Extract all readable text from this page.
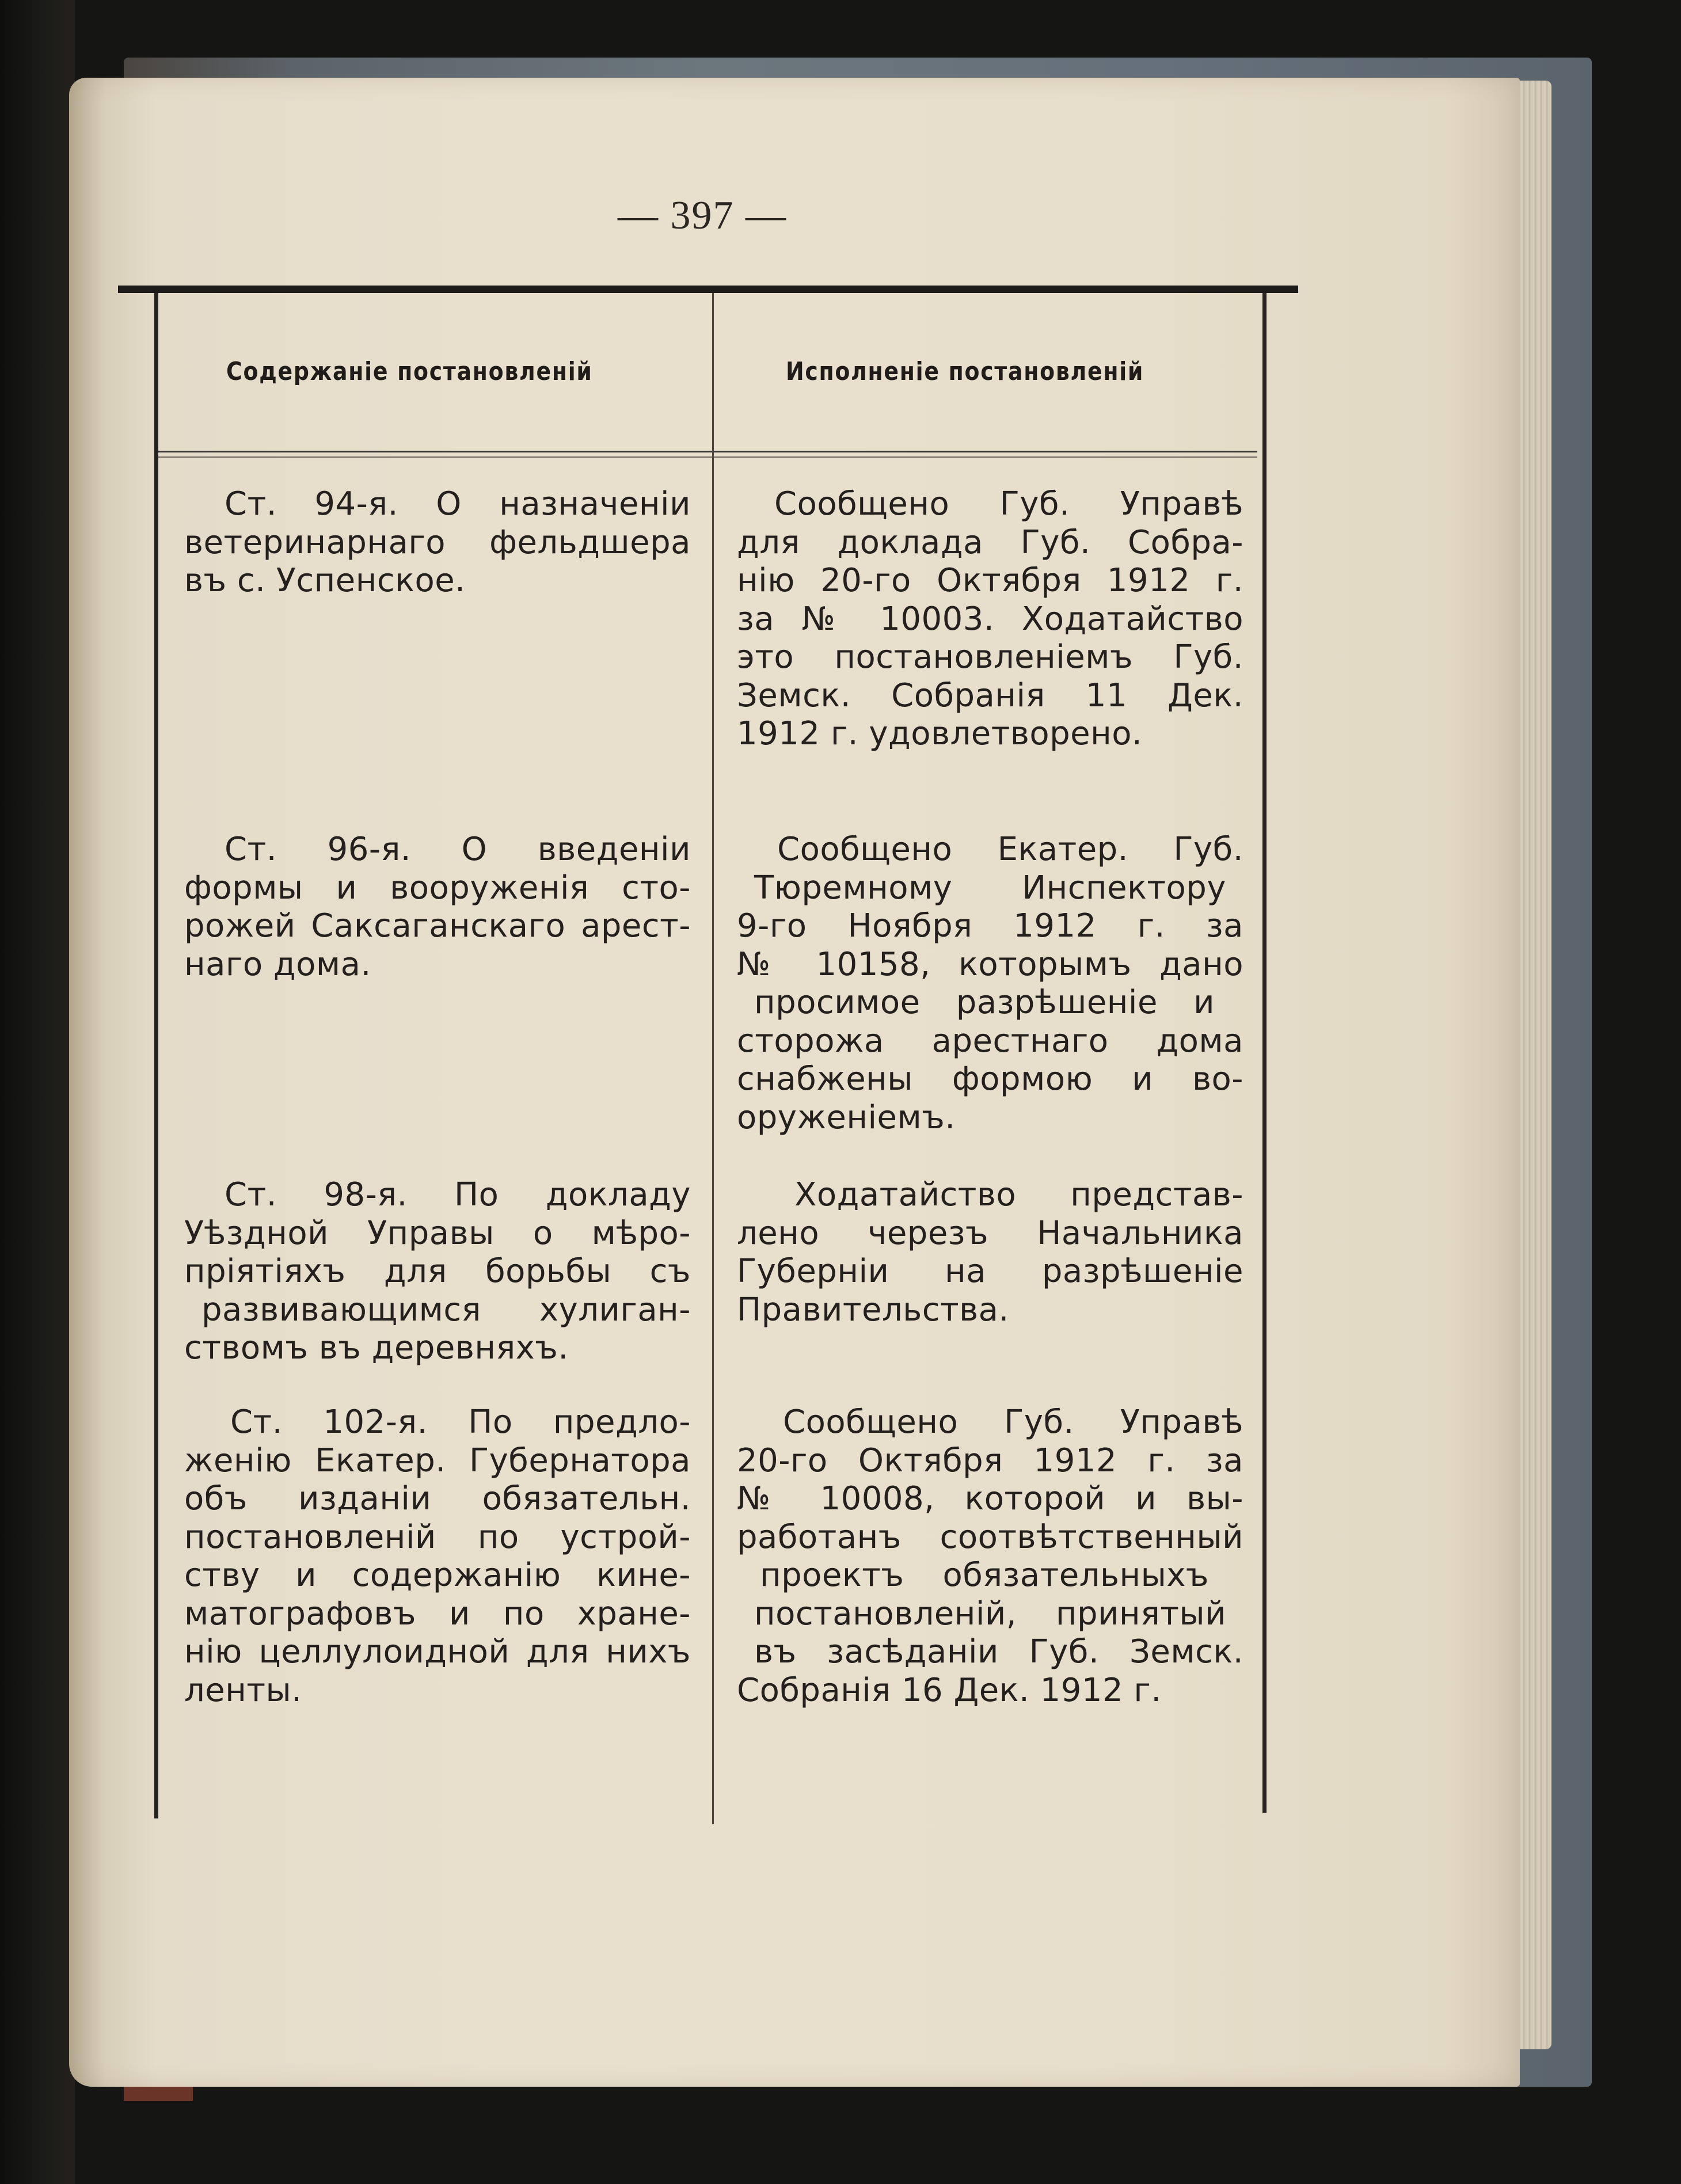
— 397 —
Содержанiе постановленiй	Исполненiе постановленiй
Ст. 94-я. О назначенiи
ветеринарнаго фельдшера
въ с. Успенское.
Сообщено Губ. Управѣ
для доклада Губ. Собра-
нiю 20-го Октября 1912 г.
за № 10003. Ходатайство
это постановленiемъ Губ.
Земск. Собранiя 11 Дек.
1912 г. удовлетворено.
Ст. 96-я. О введенiи
формы и вооруженiя сто-
рожей Саксаганскаго арест-
наго дома.
Сообщено Екатер. Губ.
Тюремному Инспектору
9-го Ноября 1912 г. за
№ 10158, которымъ дано
просимое разрѣшенiе и
сторожа арестнаго дома
снабжены формою и во-
оруженiемъ.
Ст. 98-я. По докладу
Уѣздной Управы о мѣро-
прiятiяхъ для борьбы съ
развивающимся хулиган-
ствомъ въ деревняхъ.
Ходатайство представ-
лено черезъ Начальника
Губернiи на разрѣшенiе
Правительства.
Ст. 102-я. По предло-
женiю Екатер. Губернатора
объ изданiи обязательн.
постановленiй по устрой-
ству и содержанiю кине-
матографовъ и по хране-
нiю целлулоидной для нихъ
ленты.
Сообщено Губ. Управѣ
20-го Октября 1912 г. за
№ 10008, которой и вы-
работанъ соотвѣтственный
проектъ обязательныхъ
постановленiй, принятый
въ засѣданiи Губ. Земск.
Собранiя 16 Дек. 1912 г.
